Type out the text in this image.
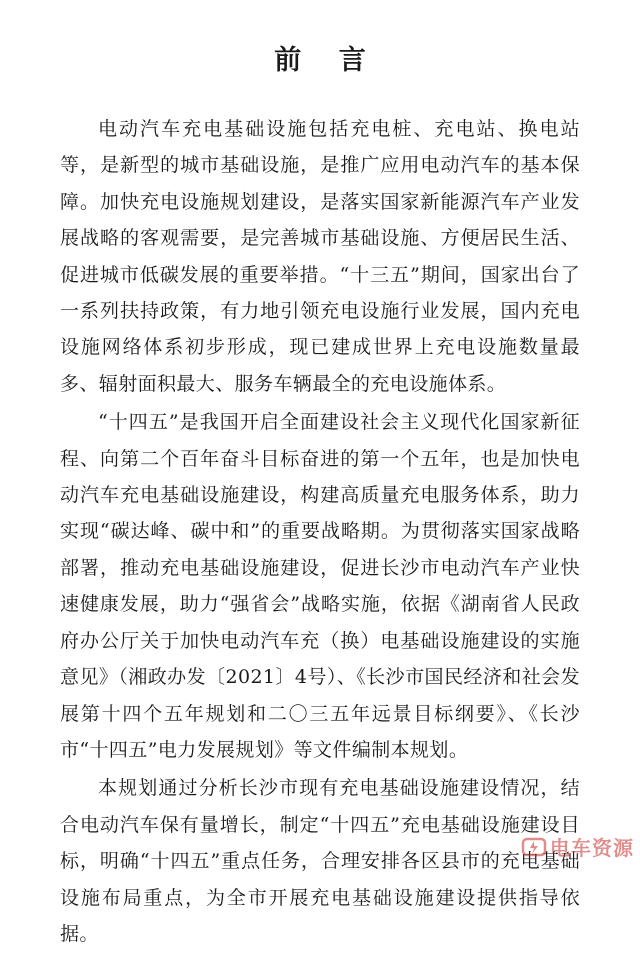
前 言

电动汽车充电基础设施包括充电桩、充电站、换电站等，是新型的城市基础设施，是推广应用电动汽车的基本保障。加快充电设施规划建设，是落实国家新能源汽车产业发展战略的客观需要，是完善城市基础设施、方便居民生活、促进城市低碳发展的重要举措。“十三五”期间，国家出台了一系列扶持政策，有力地引领充电设施行业发展，国内充电设施网络体系初步形成，现已建成世界上充电设施数量最多、辐射面积最大、服务车辆最全的充电设施体系。

“十四五”是我国开启全面建设社会主义现代化国家新征程、向第二个百年奋斗目标奋进的第一个五年，也是加快电动汽车充电基础设施建设，构建高质量充电服务体系，助力实现“碳达峰、碳中和”的重要战略期。为贯彻落实国家战略部署，推动充电基础设施建设，促进长沙市电动汽车产业快速健康发展，助力“强省会”战略实施，依据《湖南省人民政府办公厅关于加快电动汽车充（换）电基础设施建设的实施意见》（湘政办发〔2021〕4号）、《长沙市国民经济和社会发展第十四个五年规划和二〇三五年远景目标纲要》、《长沙市“十四五”电力发展规划》等文件编制本规划。

本规划通过分析长沙市现有充电基础设施建设情况，结合电动汽车保有量增长，制定“十四五”充电基础设施建设目标，明确“十四五”重点任务，合理安排各区县市的充电基础设施布局重点，为全市开展充电基础设施建设提供指导依据。

电车资源
